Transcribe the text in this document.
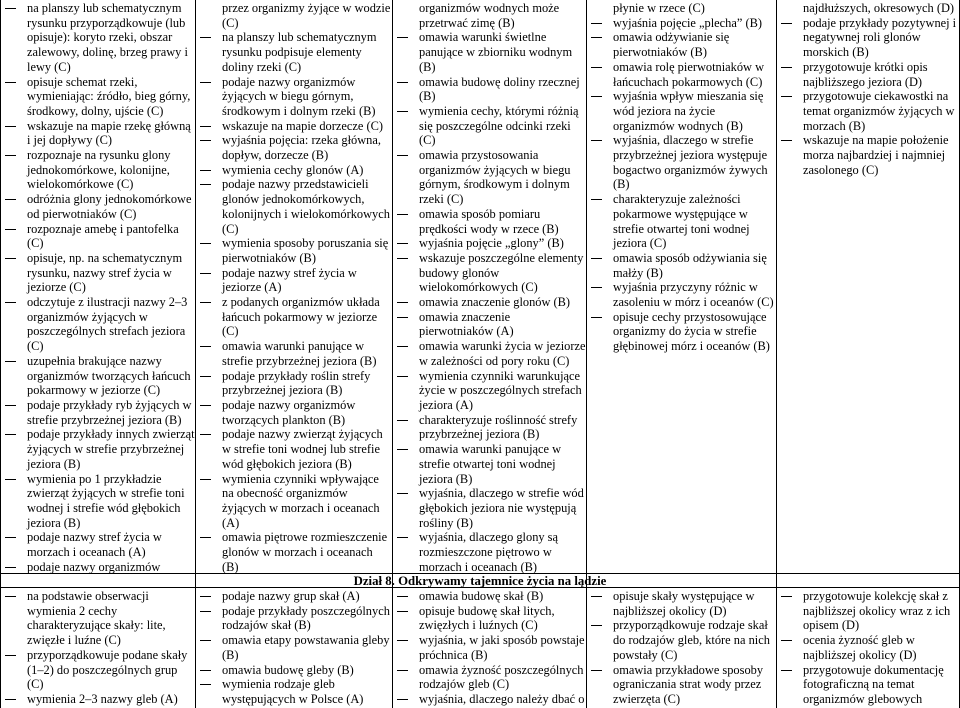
na planszy lub schematycznym rysunku przyporządkowuje (lub opisuje): koryto rzeki, obszar zalewowy, dolinę, brzeg prawy i lewy (C)
opisuje schemat rzeki, wymieniając: źródło, bieg górny, środkowy, dolny, ujście (C)
wskazuje na mapie rzekę główną i jej dopływy (C)
rozpoznaje na rysunku glony jednokomórkowe, kolonijne, wielokomórkowe (C)
odróżnia glony jednokomórkowe od pierwotniaków (C)
rozpoznaje amebę i pantofelka (C)
opisuje, np. na schematycznym rysunku, nazwy stref życia w jeziorze (C)
odczytuje z ilustracji nazwy 2–3 organizmów żyjących w poszczególnych strefach jeziora (C)
uzupełnia brakujące nazwy organizmów tworzących łańcuch pokarmowy w jeziorze (C)
podaje przykłady ryb żyjących w strefie przybrzeżnej jeziora (B)
podaje przykłady innych zwierząt żyjących w strefie przybrzeżnej jeziora (B)
wymienia po 1 przykładzie zwierząt żyjących w strefie toni wodnej i strefie wód głębokich jeziora (B)
podaje nazwy stref życia w morzach i oceanach (A)
podaje nazwy organizmów
przez organizmy żyjące w wodzie (C)
na planszy lub schematycznym rysunku podpisuje elementy doliny rzeki (C)
podaje nazwy organizmów żyjących w biegu górnym, środkowym i dolnym rzeki (B)
wskazuje na mapie dorzecze (C)
wyjaśnia pojęcia: rzeka główna, dopływ, dorzecze (B)
wymienia cechy glonów (A)
podaje nazwy przedstawicieli glonów jednokomórkowych, kolonijnych i wielokomórkowych (C)
wymienia sposoby poruszania się pierwotniaków (B)
podaje nazwy stref życia w jeziorze (A)
z podanych organizmów układa łańcuch pokarmowy w jeziorze (C)
omawia warunki panujące w strefie przybrzeżnej jeziora (B)
podaje przykłady roślin strefy przybrzeżnej jeziora (B)
podaje nazwy organizmów tworzących plankton (B)
podaje nazwy zwierząt żyjących w strefie toni wodnej lub strefie wód głębokich jeziora (B)
wymienia czynniki wpływające na obecność organizmów żyjących w morzach i oceanach (A)
omawia piętrowe rozmieszczenie glonów w morzach i oceanach (B)
organizmów wodnych może przetrwać zimę (B)
omawia warunki świetlne panujące w zbiorniku wodnym (B)
omawia budowę doliny rzecznej (B)
wymienia cechy, którymi różnią się poszczególne odcinki rzeki (C)
omawia przystosowania organizmów żyjących w biegu górnym, środkowym i dolnym rzeki (C)
omawia sposób pomiaru prędkości wody w rzece (B)
wyjaśnia pojęcie „glony” (B)
wskazuje poszczególne elementy budowy glonów wielokomórkowych (C)
omawia znaczenie glonów (B)
omawia znaczenie pierwotniaków (A)
omawia warunki życia w jeziorze w zależności od pory roku (C)
wymienia czynniki warunkujące życie w poszczególnych strefach jeziora (A)
charakteryzuje roślinność strefy przybrzeżnej jeziora (B)
omawia warunki panujące w strefie otwartej toni wodnej jeziora (B)
wyjaśnia, dlaczego w strefie wód głębokich jeziora nie występują rośliny (B)
wyjaśnia, dlaczego glony są rozmieszczone piętrowo w morzach i oceanach (B)
płynie w rzece (C)
wyjaśnia pojęcie „plecha” (B)
omawia odżywianie się pierwotniaków (B)
omawia rolę pierwotniaków w łańcuchach pokarmowych (C)
wyjaśnia wpływ mieszania się wód jeziora na życie organizmów wodnych (B)
wyjaśnia, dlaczego w strefie przybrzeżnej jeziora występuje bogactwo organizmów żywych (B)
charakteryzuje zależności pokarmowe występujące w strefie otwartej toni wodnej jeziora (C)
omawia sposób odżywiania się małży (B)
wyjaśnia przyczyny różnic w zasoleniu w mórz i oceanów (C)
opisuje cechy przystosowujące organizmy do życia w strefie głębinowej mórz i oceanów (B)
najdłuższych, okresowych (D)
podaje przykłady pozytywnej i negatywnej roli glonów morskich (B)
przygotowuje krótki opis najbliższego jeziora (D)
przygotowuje ciekawostki na temat organizmów żyjących w morzach (B)
wskazuje na mapie położenie morza najbardziej i najmniej zasolonego (C)
Dział 8. Odkrywamy tajemnice życia na lądzie
na podstawie obserwacji wymienia 2 cechy charakteryzujące skały: lite, zwięzłe i luźne (C)
przyporządkowuje podane skały (1–2) do poszczególnych grup (C)
wymienia 2–3 nazwy gleb (A)
podaje nazwy grup skał (A)
podaje przykłady poszczególnych rodzajów skał (B)
omawia etapy powstawania gleby (B)
omawia budowę gleby (B)
wymienia rodzaje gleb występujących w Polsce (A)
omawia budowę skał (B)
opisuje budowę skał litych, zwięzłych i luźnych (C)
wyjaśnia, w jaki sposób powstaje próchnica (B)
omawia żyzność poszczególnych rodzajów gleb (C)
wyjaśnia, dlaczego należy dbać o
opisuje skały występujące w najbliższej okolicy (D)
przyporządkowuje rodzaje skał do rodzajów gleb, które na nich powstały (C)
omawia przykładowe sposoby ograniczania strat wody przez zwierzęta (C)
przygotowuje kolekcję skał z najbliższej okolicy wraz z ich opisem (D)
ocenia żyzność gleb w najbliższej okolicy (D)
przygotowuje dokumentację fotograficzną na temat organizmów glebowych
